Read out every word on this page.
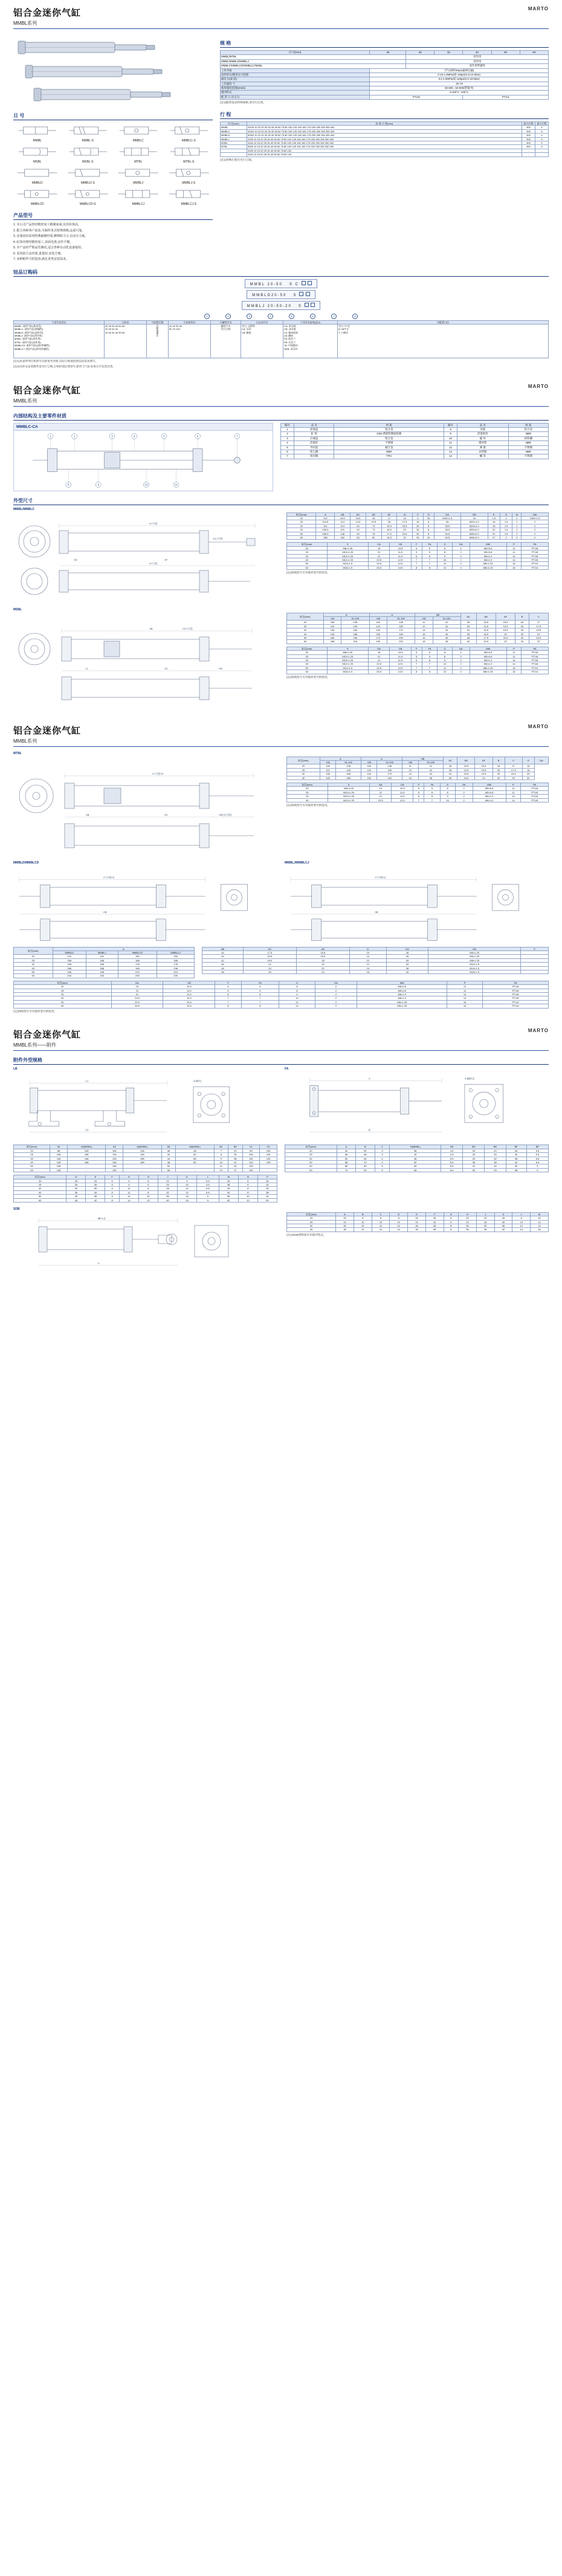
铝合金迷你气缸
MMBL系列
MARTO
旦 号
MMBL	MMBL-S	MMBLC	MMBLC-S
MSBL	MSBL-S	MTBL	MTBL-S
MMBLD	MMBLD-S	MMBLJ	MMBLJ-S
MMBLCD	MMBLCD-S	MMBLCJ	MMBLCJ-S
产品型号
1. 本公司产品皆经精密加工精制而成,实用价值高。
2. 配合各种客户需求,可制作各式特殊规格,品质可靠。
3. 活塞密封采用特殊耐磨材质,摩擦阻力小,启动压力低。
4. 缸筒内壁经精密加工,表面光滑,动作平顺。
5. 本产品经严格品管测试,适合各种自动化设备使用。
6. 采用铝合金材质,重量轻,安装方便。
7. 多种附件可供选用,满足各类安装需求。
规 格
内 径(mm)	20	25	32	40	50	63
MMBL/MTBL		双作用				
MMBL/MMBLD/MMBLJ		双作用				
MMBLC/MMBLCD/MMBLCJ/MSBL		双作用带磁性				
工作介质	空气(须经40μm滤网过滤)					
动作形式/使用压力范围	0.15-1.0MPa(或-145psi/1.5-10.0bar)					
耐压力(試 验)	0.2-1.0MPa(或-145psi/2.0-10.0bar)					
工作温度 ℃	-20-70					
使用速度范围(mm/s)	50-800 , 50-800(带缓冲)					
缓冲形式	0-100°C -100°C					
配 管 口 径 (口)	PT1/8			PT1/4		
(注1)配管需求特殊规格,请另行注明。
行 程
内 径(mm)	标 准 行 程(mm)	最大行程	最小行程
MMBL	20/25 10 15 20 25 30 40 50 60 75 80 100 125 150 160 175 200 250 300 350 400	300	5
MMBLC	32/40 10 15 20 25 30 40 50 60 75 80 100 125 150 160 175 200 250 300 350 400	300	5
MMBLD	50/63 10 15 20 25 30 40 50 60 75 80 100 125 150 160 175 200 250 300 350 400	300	5
MMBLJ	2025 10 15 20 25 30 40 50 60 75 80 100 125 150 160 175 200 250 300 350 400	300	5
MSBL	3240 10 15 20 25 30 40 50 60 75 80 100 125 150 160 175 200 250 300 350 400	300	5
MTBL	5063 10 15 20 25 30 40 50 60 75 80 100 125 150 160 175 200 250 300 350 400	300	5
	2025 10 15 20 25 30 40 50 60 75 80 100	-	-
	3240 10 15 20 25 30 40 50 60 75 80 100	-	-
(注1)特殊行程可另行订制。
钮品订购码
MMBL 20-50 S C
MMBLD20-50 S
MMBLJ 20-50-20 S
1	2	3	4	5	6	7	8
①型号及形式	②缸径	③缸程行程	④安装形式	⑤磁性开关	⑥自动开关	⑦耳环及安装(注2)	⑧配管口径

MMBL: 迷你气缸(基本型)
MMBLC: 迷你气缸(带磁性)
MMBLD: 迷你气缸(双杆型)
MMBLJ: 迷你气缸(带导杆)
MSBL: 迷你气缸(单作用)
MTBL: 迷你气缸(双作用)
MMBLCD: 迷你气缸(双杆带磁性)
MMBLCJ: 迷你气缸(带导杆磁性)

20 25 32 40 50 63
20 25 32 40
20 25 32 40 50 63	行程请指定	10 20 30 40
50 75 100
	磁性开关
另行订购	
空白: 无附件
CA: 耳环
CB: 脚座

CA: 单耳座
CB: 双耳座
LA: 轴向底座
LB: 脚座
FA: 前法兰
FB: 后法兰
TA: 中间摆动
SDB: 双耳环

空白: PT牙
N: NPT牙
T: 公制牙
(注1)本表所列订购型号仅供参考对照,实际订购请依照实际需求填写。
(注2)耳环及安装附件需另行订购,订购时请注明型号,附件与气缸本体分开包装出货。
铝合金迷你气缸
MMBL系列
MARTO
内部结构及主要零件材质
MMBLC-CA
1	2	3	4	5	6	7
8	9	10	11
编号	品 名	材 质	编号	品 名	材 质
1	前端盖	铝合金	8	活塞	铝合金
2	缸 筒	345C黄铜管硬质阳极	9	活塞密封	NBR
3	后端盖	铝合金	10	磁 环	钕铁硼
4	活塞杆	不锈钢	11	缓冲垫	NBR
5	导向套	铜合金	12	弹 簧	不锈钢
6	防尘圈	NBR	13	O型圈	NBR
7	密封圈	TPU	14	螺 母	不锈钢
外型尺寸
MMBL/MMBLC
A+行程
A+行程
AC+行程
AD	AF
缸径(mm)	A	AB	AC	AD	AF	B	C	D	DA	DB	E	G	M	MA
20	119	15.5	15.5	18	17	16	5	26	M20×1.5	16	1.5	2	2	M20×1.5
25	119.5	114	14.5	19.5	26	17.5	16	6	26	M20×1.5	16	1.5	2	2
32	141	114	44	73	15.5	19.5	30	6	28.5	M26×2.0	18	1.5	2	2
40	156.5	121	49	73	16.5	20	30	8	28.5	M26×2.0	22	1.5	2	2
50	166.5	148	49	78	17.5	20.5	30	8	30.5	M30×2.0	22	1.5	2	2
63	185	162	53	82	19.5	22	34	10	34.5	M30×2.0	27	2	2	2
缸径(mm)	S	CA	CB	F	FA	G	GA	MM	P	PA
20	M8×1.25	19	10.5	5	5	8	2	M5×0.8	11	PT1/8
25	M10×1.25	21	11.5	5	5	8	2	M5×0.8	11	PT1/8
32	M10×1.25	21	11.5	6	6	9	2	M6×1.0	14	PT1/8
40	M12×1.25	23.5	12.5	7	7	10	2	M6×1.0	14	PT1/8
50	M14×1.5	23.5	12.5	7	7	11	2	M8×1.25	16	PT1/4
63	M16×1.5	26.5	13.5	8	8	12	2	M8×1.25	16	PT1/4
(注)斜线型号另有缓冲型可供选用。
MSBL
AB	AC+行程
U	AC	AD
缸径(mm)	A		U		AB		AC	AD	AF	B	C
	<50	51-100	<50	51-100	<50	51-100					
20	106	136	118	148	11	41	46	15.5	15.5	18	17
25	119	149	120	150	12	42	45	14.5	19.5	26	17.5
32	136	166	140	170	14	44	51	15.5	19.5	30	19.5
40	146	186	150	190	16	46	55	16.5	20	30	20
50	166	196	170	200	16	46	58	17.5	20.5	30	20.5
63	186	216	190	220	18	48	62	19.5	22	34	22
缸径(mm)	S	DA	CB	F	FA	G	GA	MM	P	PA
20	M8×1.25	19	10.5	5	5	8	2	M5×0.8	11	PT1/8
25	M10×1.25	21	11.5	5	5	8	2	M5×0.8	11	PT1/8
32	M10×1.25	21	11.5	6	6	9	2	M6×1.0	14	PT1/8
40	M12×1.25	23.5	12.5	7	7	10	2	M6×1.0	14	PT1/8
50	M14×1.5	23.5	12.5	7	7	11	2	M8×1.25	16	PT1/4
63	M16×1.5	26.5	13.5	8	8	12	2	M8×1.25	16	PT1/4
(注)斜线型号另有缓冲型可供选用。
铝合金迷你气缸
MMBL系列
MARTO
MTBL
A+行程×2
AB	AC	AD(含行程)
缸径(mm)	A		U		AB		AC	AD	AF	B	C	D	DA
	<50	51-100	<50	51-100	<50	51-100							
20	106	136	118	148	11	41	46	15.5	15.5	18	17	16	
25	119	149	120	150	12	42	45	14.5	19.5	26	17.5	16	
32	136	166	140	170	14	44	51	15.5	19.5	30	19.5	30	
40	146	186	150	190	16	46	55	16.5	20	30	20	30	
缸径(mm)	S	DA	CB	F	FA	G	GA	MM	P	PA
20	M8×1.25	19	10.5	5	5	8	2	M5×0.8	11	PT1/8
25	M10×1.25	21	11.5	5	5	8	2	M5×0.8	11	PT1/8
32	M10×1.25	21	11.5	6	6	9	2	M6×1.0	14	PT1/8
40	M12×1.25	23.5	12.5	7	7	10	2	M6×1.0	14	PT1/8
(注)斜线型号另有缓冲型可供选用。
MMBLD/MMBLCD
A+行程×2
AB
MMBLJ/MMBLCJ
A+行程×2
AB
缸径(mm)	A			
	MMBLD	MMBLJ	MMBLCD	MMBLCJ
20	141	141	150	150
25	158	158	168	168
32	166	166	178	178
40	186	186	198	198
50	196	196	210	210
63	216	216	230	230
AB	AC	AD	D	DA	DB	S
44	17.5	15.5	10	26	M5×1.25	
44	19.5	15.5	10	26	M5×1.25	
42	19.5	18	12	34	M8×1.25	
46	22	20	12	34	M10×1.5	
46	24	22	14	38	M14×1.5	
48	26	24	16	42	M16×1.5	
缸径(mm)	DA	CB	F	FA	G	GA	MM	P	PA
20	19	10.5	5	5	8	2	M5×0.8	11	PT1/8
25	21	11.5	5	5	8	2	M5×0.8	11	PT1/8
32	21	11.5	6	6	9	2	M6×1.0	14	PT1/8
40	23.5	12.5	7	7	10	2	M6×1.0	14	PT1/8
50	23.5	12.5	7	7	11	2	M8×1.25	16	PT1/4
63	26.5	13.5	8	8	12	2	M8×1.25	16	PT1/4
(注)斜线型号另有缓冲型可供选用。
铝合金迷你气缸
MMBL系列——附件
MARTO
附件外型规格
LB
A1
A3
4-ØP孔
缸径(mm)	A1	A2(MSBL)	A3	A4(MSBL)	A5	A6(MSBL)	B1	B2	C1	C2
20	98	128	105	135	36	48	7	22	90	105
25	108	138	115	145	40	52	8	25	100	115
32	118	148	125	155	44	56	9	28	110	125
40	128	158	135	165	48	60	10	31	120	135
50	138	-	145	-	52	-	11	34	130	-
63	148	-	155	-	56	-	12	37	140	-
缸径(mm)	D	E	F	G	H	J	K	L	M	N	P
20	25	24	5	9	6	22	9	5.5	34	6	26
25	28	26	5	9	6	25	10	5.5	38	6	30
32	32	30	6	11	8	28	12	6.6	44	8	34
40	36	34	6	11	8	32	14	6.6	50	8	38
50	40	38	8	14	10	36	16	9	56	10	44
63	45	42	8	14	10	40	18	9	62	10	50
FA
A
B
4-ØBF孔
缸径(mm)	A	B	C	D(MMBL)	B0	BD	BE	BF	BP
20	42	52	3	36	4.5	20	22	26	5.5
25	46	56	3	40	4.5	24	26	30	5.5
32	52	64	4	46	5.5	30	32	36	6.6
40	58	72	4	52	5.5	36	38	42	6.6
50	66	80	5	60	6.6	42	45	50	9
63	74	90	5	68	6.6	50	53	58	9
SDB
Øh-L孔
A
缸径(mm)	A	B	C	D	E	F	G	H	J	K	L	M
20	20	8	8	8	18	36	5	20	22	26	8	10
25	24	10	10	10	22	42	6	24	26	30	10	12
32	30	12	12	12	26	48	8	30	32	36	12	14
40	36	14	14	14	30	56	8	36	38	42	14	16
(注1)SDB型附座另有缓冲型式。
